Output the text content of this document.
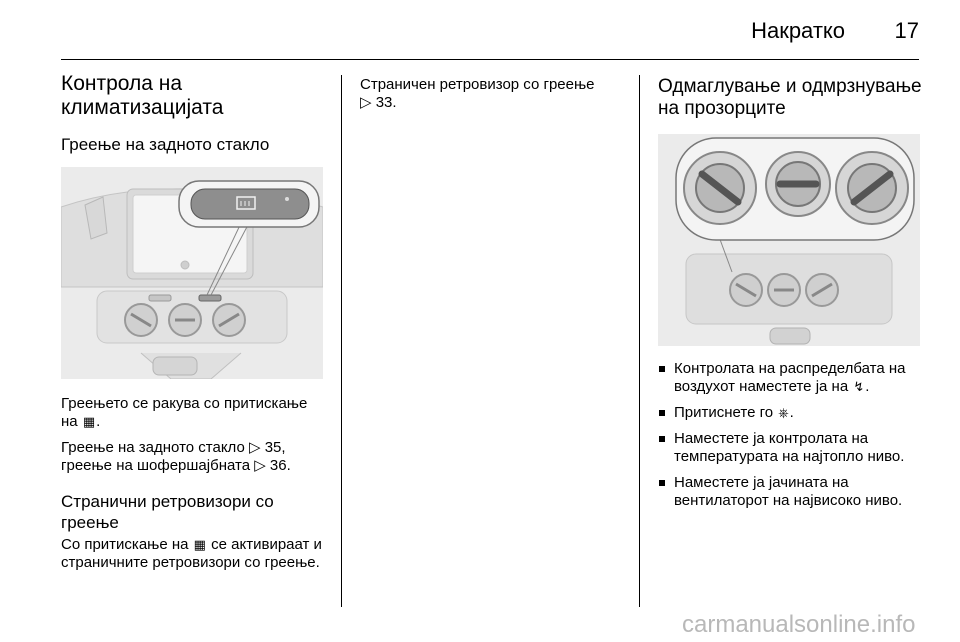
Накратко 17
Контрола на климатизацијата
Греење на задното стакло

Греењето се ракува со притискање на ▦.

Греење на задното стакло ▷ 35,
греење на шофершајбната ▷ 36.

Странични ретровизори со греење

Со притискање на ▦ се активираат и страничните ретровизори со греење.

Страничен ретровизор со греење
▷ 33.

Одмаглување и одмрзнување на прозорците
Контролата на распределбата на воздухот наместете ја на ↯.
Притиснете го ⎈.
Наместете ја контролата на температурата на најтопло ниво.
Наместете ја јачината на вентилаторот на највисоко ниво.
carmanualsonline.info
